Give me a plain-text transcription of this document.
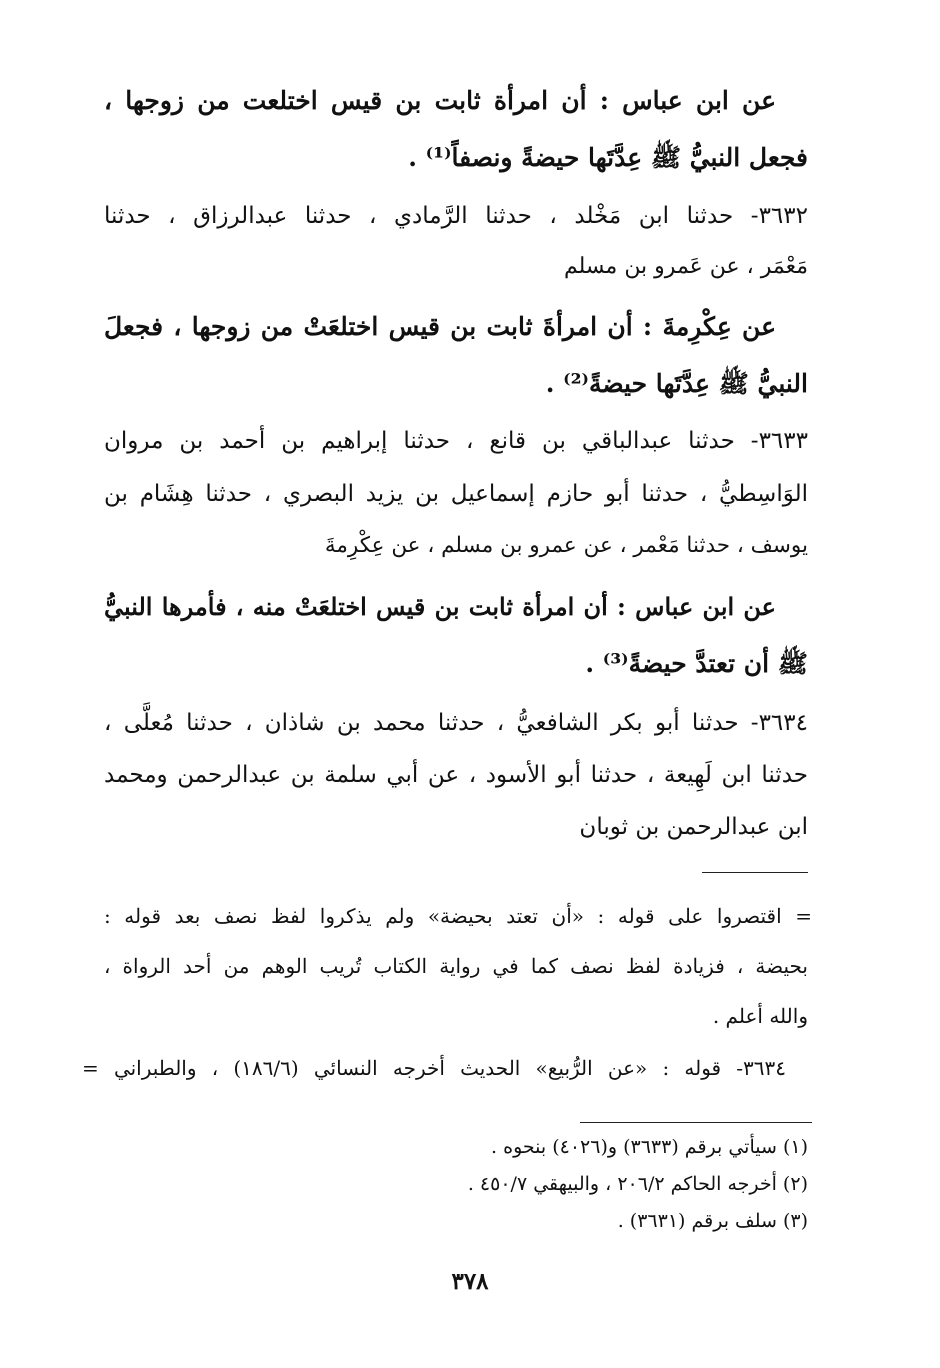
عن ابن عباس : أن امرأة ثابت بن قيس اختلعت من زوجها ،
فجعل النبيُّ ﷺ عِدَّتَها حيضةً ونصفاً⁽¹⁾ .
٣٦٣٢- حدثنا ابن مَخْلد ، حدثنا الرَّمادي ، حدثنا عبدالرزاق ، حدثنا
مَعْمَر ، عن عَمرو بن مسلم
عن عِكْرِمةَ : أن امرأةَ ثابت بن قيس اختلعَتْ من زوجها ، فجعلَ
النبيُّ ﷺ عِدَّتَها حيضةً⁽²⁾ .
٣٦٣٣- حدثنا عبدالباقي بن قانع ، حدثنا إبراهيم بن أحمد بن مروان
الوَاسِطيُّ ، حدثنا أبو حازم إسماعيل بن يزيد البصري ، حدثنا هِشَام بن
يوسف ، حدثنا مَعْمر ، عن عمرو بن مسلم ، عن عِكْرِمةَ
عن ابن عباس : أن امرأة ثابت بن قيس اختلعَتْ منه ، فأمرها النبيُّ
ﷺ أن تعتدَّ حيضةً⁽³⁾ .
٣٦٣٤- حدثنا أبو بكر الشافعيُّ ، حدثنا محمد بن شاذان ، حدثنا مُعلَّى ،
حدثنا ابن لَهِيعة ، حدثنا أبو الأسود ، عن أبي سلمة بن عبدالرحمن ومحمد
ابن عبدالرحمن بن ثوبان
= اقتصروا على قوله : «أن تعتد بحيضة» ولم يذكروا لفظ نصف بعد قوله :
بحيضة ، فزيادة لفظ نصف كما في رواية الكتاب تُريب الوهم من أحد الرواة ،
والله أعلم .
٣٦٣٤- قوله : «عن الرُّبيع» الحديث أخرجه النسائي (١٨٦/٦) ، والطبراني =
(١) سيأتي برقم (٣٦٣٣) و(٤٠٢٦) بنحوه .
(٢) أخرجه الحاكم ٢٠٦/٢ ، والبيهقي ٤٥٠/٧ .
(٣) سلف برقم (٣٦٣١) .
٣٧٨
